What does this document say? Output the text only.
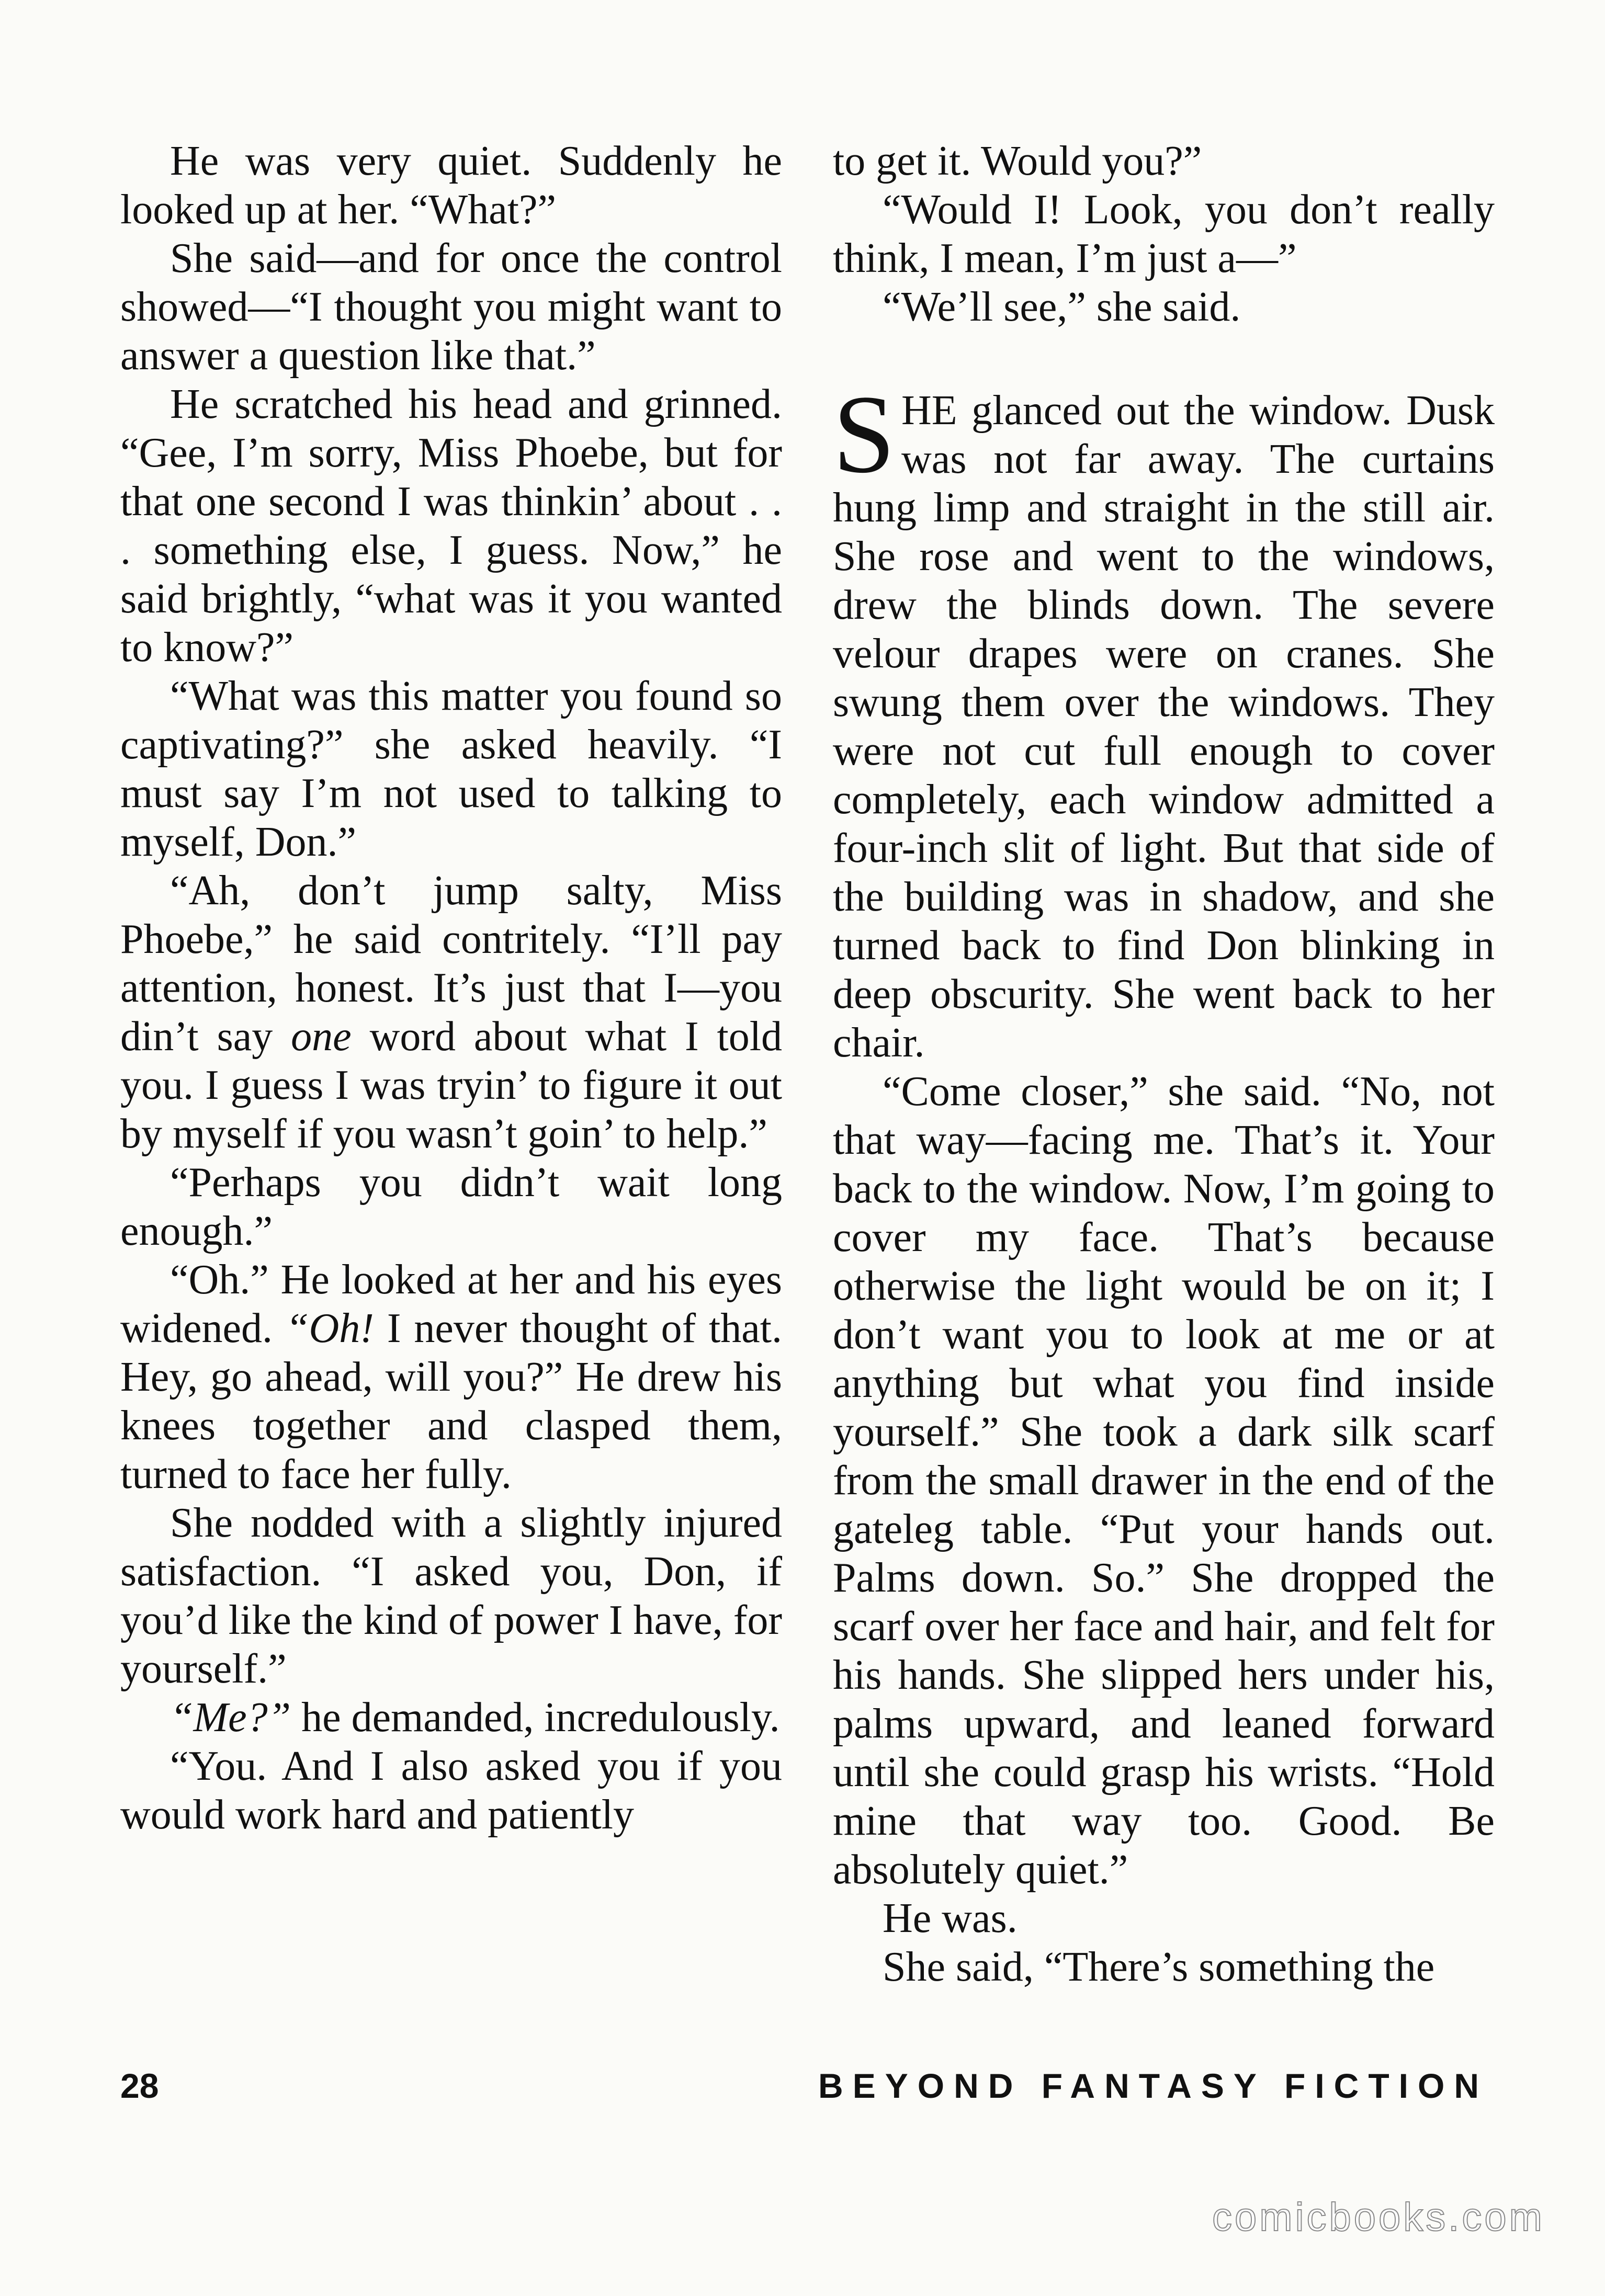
He was very quiet. Suddenly he looked up at her. “What?”

She said—and for once the control showed—“I thought you might want to answer a question like that.”

He scratched his head and grinned. “Gee, I’m sorry, Miss Phoebe, but for that one second I was thinkin’ about . . . something else, I guess. Now,” he said brightly, “what was it you wanted to know?”

“What was this matter you found so captivating?” she asked heavily. “I must say I’m not used to talking to myself, Don.”

“Ah, don’t jump salty, Miss Phoebe,” he said contritely. “I’ll pay attention, honest. It’s just that I—you din’t say one word about what I told you. I guess I was tryin’ to figure it out by myself if you wasn’t goin’ to help.”

“Perhaps you didn’t wait long enough.”

“Oh.” He looked at her and his eyes widened. “Oh! I never thought of that. Hey, go ahead, will you?” He drew his knees together and clasped them, turned to face her fully.

She nodded with a slightly injured satisfaction. “I asked you, Don, if you’d like the kind of power I have, for yourself.”

“Me?” he demanded, incredulously.

“You. And I also asked you if you would work hard and patiently

to get it. Would you?”

“Would I! Look, you don’t really think, I mean, I’m just a—”

“We’ll see,” she said.

SHE glanced out the window. Dusk was not far away. The curtains hung limp and straight in the still air. She rose and went to the windows, drew the blinds down. The severe velour drapes were on cranes. She swung them over the windows. They were not cut full enough to cover completely, each window admitted a four-inch slit of light. But that side of the building was in shadow, and she turned back to find Don blinking in deep obscurity. She went back to her chair.

“Come closer,” she said. “No, not that way—facing me. That’s it. Your back to the window. Now, I’m going to cover my face. That’s because otherwise the light would be on it; I don’t want you to look at me or at anything but what you find inside yourself.” She took a dark silk scarf from the small drawer in the end of the gateleg table. “Put your hands out. Palms down. So.” She dropped the scarf over her face and hair, and felt for his hands. She slipped hers under his, palms upward, and leaned forward until she could grasp his wrists. “Hold mine that way too. Good. Be absolutely quiet.”

He was.

She said, “There’s something the

28	BEYOND FANTASY FICTION
comicbooks.com
